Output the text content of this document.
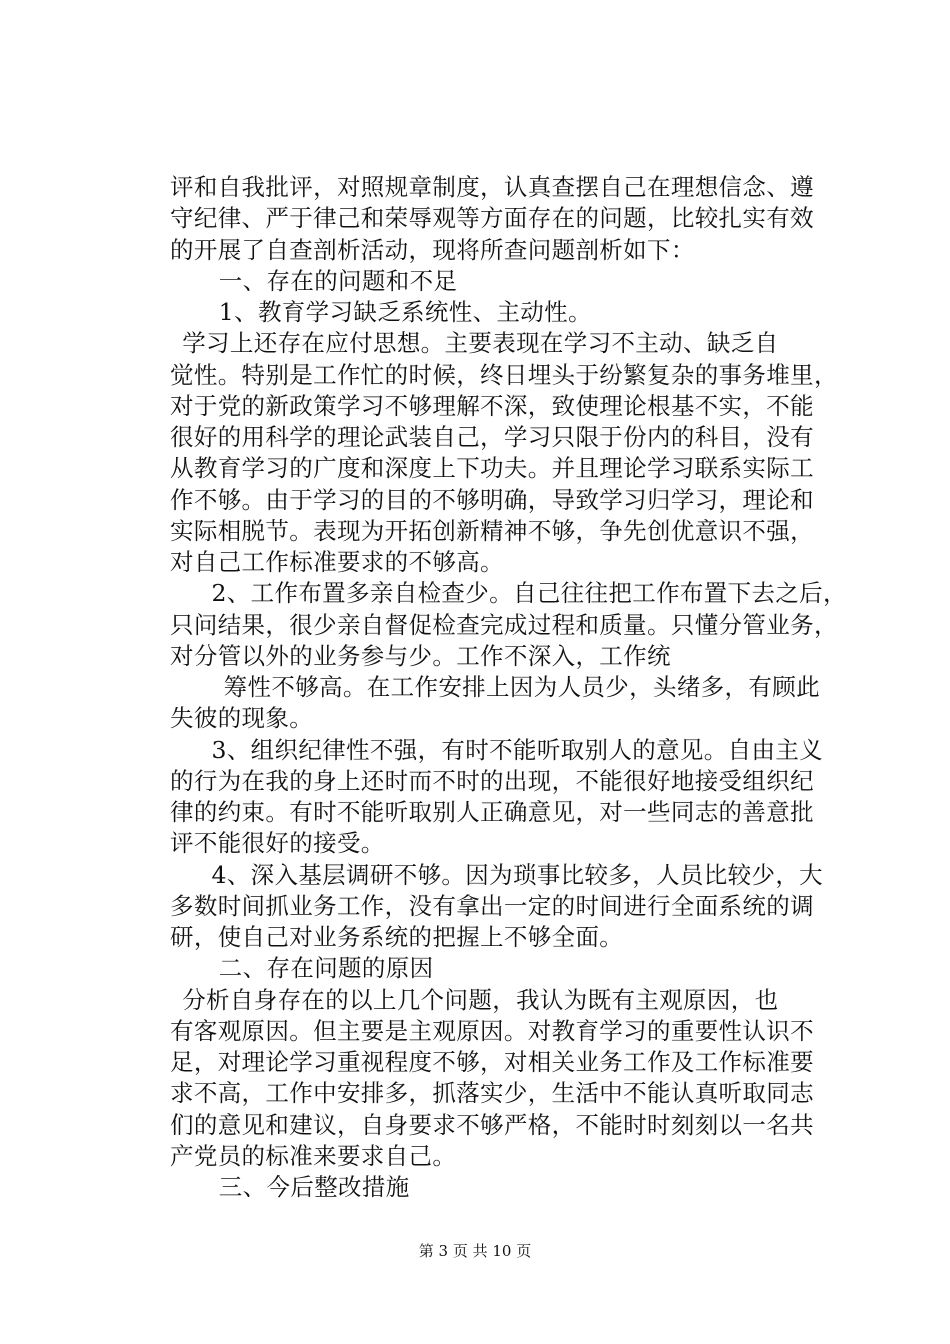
评和自我批评，对照规章制度，认真查摆自己在理想信念、遵
守纪律、严于律己和荣辱观等方面存在的问题，比较扎实有效
的开展了自查剖析活动，现将所查问题剖析如下：
一、存在的问题和不足
1、教育学习缺乏系统性、主动性。
学习上还存在应付思想。主要表现在学习不主动、缺乏自
觉性。特别是工作忙的时候，终日埋头于纷繁复杂的事务堆里，
对于党的新政策学习不够理解不深，致使理论根基不实，不能
很好的用科学的理论武装自己，学习只限于份内的科目，没有
从教育学习的广度和深度上下功夫。并且理论学习联系实际工
作不够。由于学习的目的不够明确，导致学习归学习，理论和
实际相脱节。表现为开拓创新精神不够，争先创优意识不强，
对自己工作标准要求的不够高。
2、工作布置多亲自检查少。自己往往把工作布置下去之后，
只问结果，很少亲自督促检查完成过程和质量。只懂分管业务，
对分管以外的业务参与少。工作不深入，工作统
筹性不够高。在工作安排上因为人员少，头绪多，有顾此
失彼的现象。
3、组织纪律性不强，有时不能听取别人的意见。自由主义
的行为在我的身上还时而不时的出现，不能很好地接受组织纪
律的约束。有时不能听取别人正确意见，对一些同志的善意批
评不能很好的接受。
4、深入基层调研不够。因为琐事比较多，人员比较少，大
多数时间抓业务工作，没有拿出一定的时间进行全面系统的调
研，使自己对业务系统的把握上不够全面。
二、存在问题的原因
分析自身存在的以上几个问题，我认为既有主观原因，也
有客观原因。但主要是主观原因。对教育学习的重要性认识不
足，对理论学习重视程度不够，对相关业务工作及工作标准要
求不高，工作中安排多，抓落实少，生活中不能认真听取同志
们的意见和建议，自身要求不够严格，不能时时刻刻以一名共
产党员的标准来要求自己。
三、今后整改措施
第 3 页 共 10 页
